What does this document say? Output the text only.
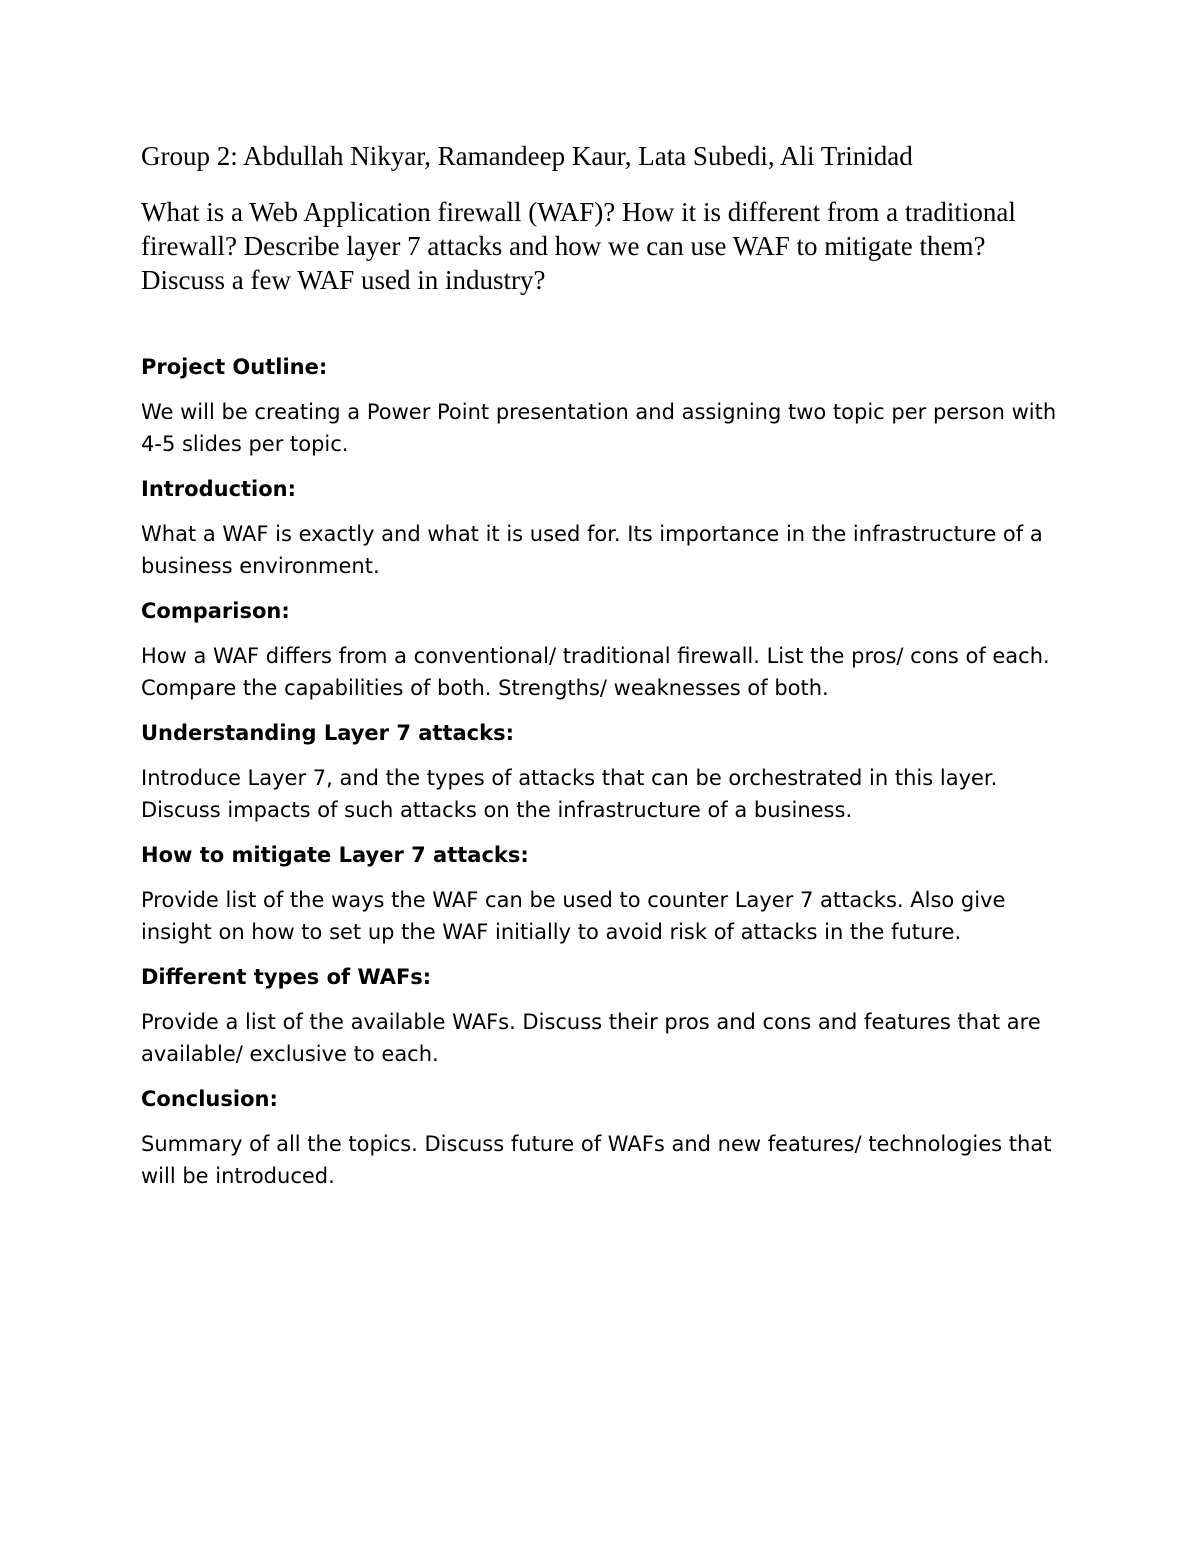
Group 2: Abdullah Nikyar, Ramandeep Kaur, Lata Subedi, Ali Trinidad

What is a Web Application firewall (WAF)? How it is different from a traditional firewall? Describe layer 7 attacks and how we can use WAF to mitigate them? Discuss a few WAF used in industry?

Project Outline:

We will be creating a Power Point presentation and assigning two topic per person with 4-5 slides per topic.

Introduction:

What a WAF is exactly and what it is used for. Its importance in the infrastructure of a business environment.

Comparison:

How a WAF differs from a conventional/ traditional firewall. List the pros/ cons of each. Compare the capabilities of both. Strengths/ weaknesses of both.

Understanding Layer 7 attacks:

Introduce Layer 7, and the types of attacks that can be orchestrated in this layer. Discuss impacts of such attacks on the infrastructure of a business.

How to mitigate Layer 7 attacks:

Provide list of the ways the WAF can be used to counter Layer 7 attacks. Also give insight on how to set up the WAF initially to avoid risk of attacks in the future.

Different types of WAFs:

Provide a list of the available WAFs. Discuss their pros and cons and features that are available/ exclusive to each.

Conclusion:

Summary of all the topics. Discuss future of WAFs and new features/ technologies that will be introduced.
